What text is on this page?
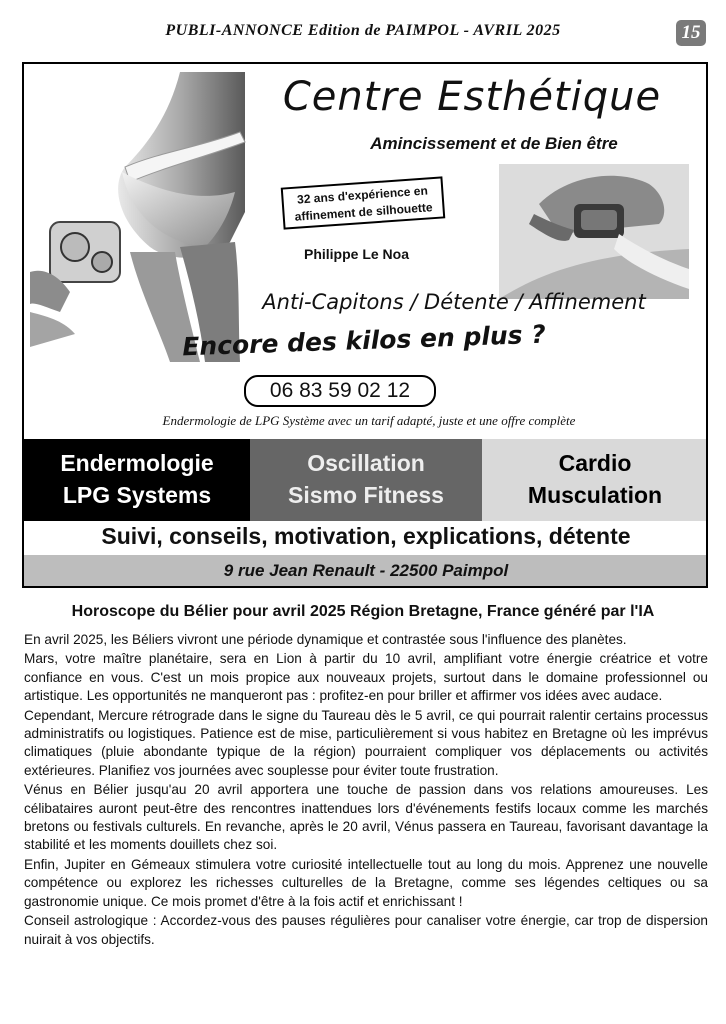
PUBLI-ANNONCE Edition de PAIMPOL - AVRIL 2025	15
Centre Esthétique
Amincissement et de Bien être
32 ans d'expérience en affinement de silhouette
Philippe Le Noa
Anti-Capitons / Détente / Affinement
Encore des kilos en plus ?
06 83 59 02 12
Endermologie de LPG Système avec un tarif adapté, juste et une offre complète
Endermologie
LPG Systems
Oscillation
Sismo Fitness
Cardio
Musculation
Suivi, conseils, motivation, explications, détente
9 rue Jean Renault - 22500 Paimpol
Horoscope du Bélier pour avril 2025 Région Bretagne, France généré par l'IA

En avril 2025, les Béliers vivront une période dynamique et contrastée sous l'influence des planètes.

Mars, votre maître planétaire, sera en Lion à partir du 10 avril, amplifiant votre énergie créatrice et votre confiance en vous. C'est un mois propice aux nouveaux projets, surtout dans le domaine professionnel ou artistique. Les opportunités ne manqueront pas : profitez-en pour briller et affirmer vos idées avec audace.

Cependant, Mercure rétrograde dans le signe du Taureau dès le 5 avril, ce qui pourrait ralentir certains processus administratifs ou logistiques. Patience est de mise, particulièrement si vous habitez en Bretagne où les imprévus climatiques (pluie abondante typique de la région) pourraient compliquer vos déplacements ou activités extérieures. Planifiez vos journées avec souplesse pour éviter toute frustration.

Vénus en Bélier jusqu'au 20 avril apportera une touche de passion dans vos relations amoureuses. Les célibataires auront peut-être des rencontres inattendues lors d'événements festifs locaux comme les marchés bretons ou festivals culturels. En revanche, après le 20 avril, Vénus passera en Taureau, favorisant davantage la stabilité et les moments douillets chez soi.

Enfin, Jupiter en Gémeaux stimulera votre curiosité intellectuelle tout au long du mois. Apprenez une nouvelle compétence ou explorez les richesses culturelles de la Bretagne, comme ses légendes celtiques ou sa gastronomie unique. Ce mois promet d'être à la fois actif et enrichissant !

Conseil astrologique : Accordez-vous des pauses régulières pour canaliser votre énergie, car trop de dispersion nuirait à vos objectifs.
